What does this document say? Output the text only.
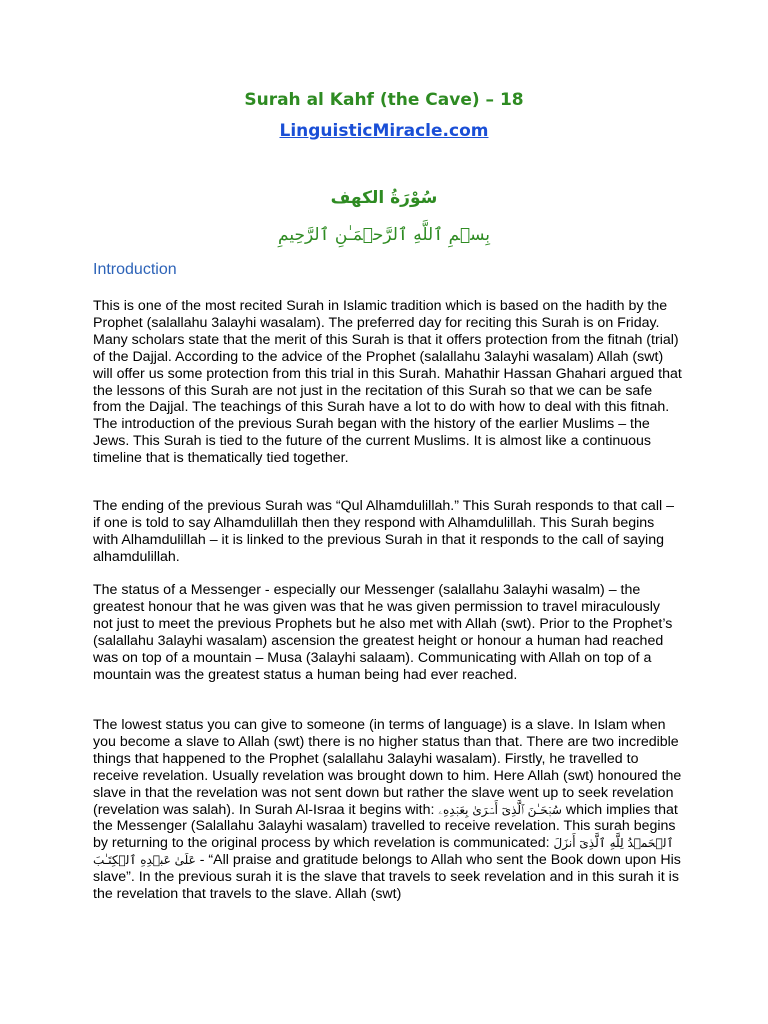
Surah al Kahf (the Cave) – 18
LinguisticMiracle.com
سُوْرَةُ الكهف
بِسۡمِ ٱللَّهِ ٱلرَّحۡمَـٰنِ ٱلرَّحِيمِ
Introduction

This is one of the most recited Surah in Islamic tradition which is based on the hadith by the Prophet (salallahu 3alayhi wasalam). The preferred day for reciting this Surah is on Friday. Many scholars state that the merit of this Surah is that it offers protection from the fitnah (trial) of the Dajjal. According to the advice of the Prophet (salallahu 3alayhi wasalam) Allah (swt) will offer us some protection from this trial in this Surah. Mahathir Hassan Ghahari argued that the lessons of this Surah are not just in the recitation of this Surah so that we can be safe from the Dajjal. The teachings of this Surah have a lot to do with how to deal with this fitnah. The introduction of the previous Surah began with the history of the earlier Muslims – the Jews. This Surah is tied to the future of the current Muslims. It is almost like a continuous timeline that is thematically tied together.

The ending of the previous Surah was “Qul Alhamdulillah.” This Surah responds to that call – if one is told to say Alhamdulillah then they respond with Alhamdulillah. This Surah begins with Alhamdulillah – it is linked to the previous Surah in that it responds to the call of saying alhamdulillah.

The status of a Messenger - especially our Messenger (salallahu 3alayhi wasalm) – the greatest honour that he was given was that he was given permission to travel miraculously not just to meet the previous Prophets but he also met with Allah (swt). Prior to the Prophet’s (salallahu 3alayhi wasalam) ascension the greatest height or honour a human had reached was on top of a mountain – Musa (3alayhi salaam). Communicating with Allah on top of a mountain was the greatest status a human being had ever reached.

The lowest status you can give to someone (in terms of language) is a slave. In Islam when you become a slave to Allah (swt) there is no higher status than that. There are two incredible things that happened to the Prophet (salallahu 3alayhi wasalam). Firstly, he travelled to receive revelation. Usually revelation was brought down to him. Here Allah (swt) honoured the slave in that the revelation was not sent down but rather the slave went up to seek revelation (revelation was salah). In Surah Al-Israa it begins with: سُبۡحَـٰنَ ٱلَّذِىٓ أَسۡرَىٰ بِعَبۡدِهِۦ which implies that the Messenger (Salallahu 3alayhi wasalam) travelled to receive revelation. This surah begins by returning to the original process by which revelation is communicated: ٱلۡحَمۡدُ لِلَّهِ ٱلَّذِىٓ أَنزَلَ عَلَىٰ عَبۡدِهِ ٱلۡكِتَـٰبَ - “All praise and gratitude belongs to Allah who sent the Book down upon His slave”. In the previous surah it is the slave that travels to seek revelation and in this surah it is the revelation that travels to the slave. Allah (swt)
